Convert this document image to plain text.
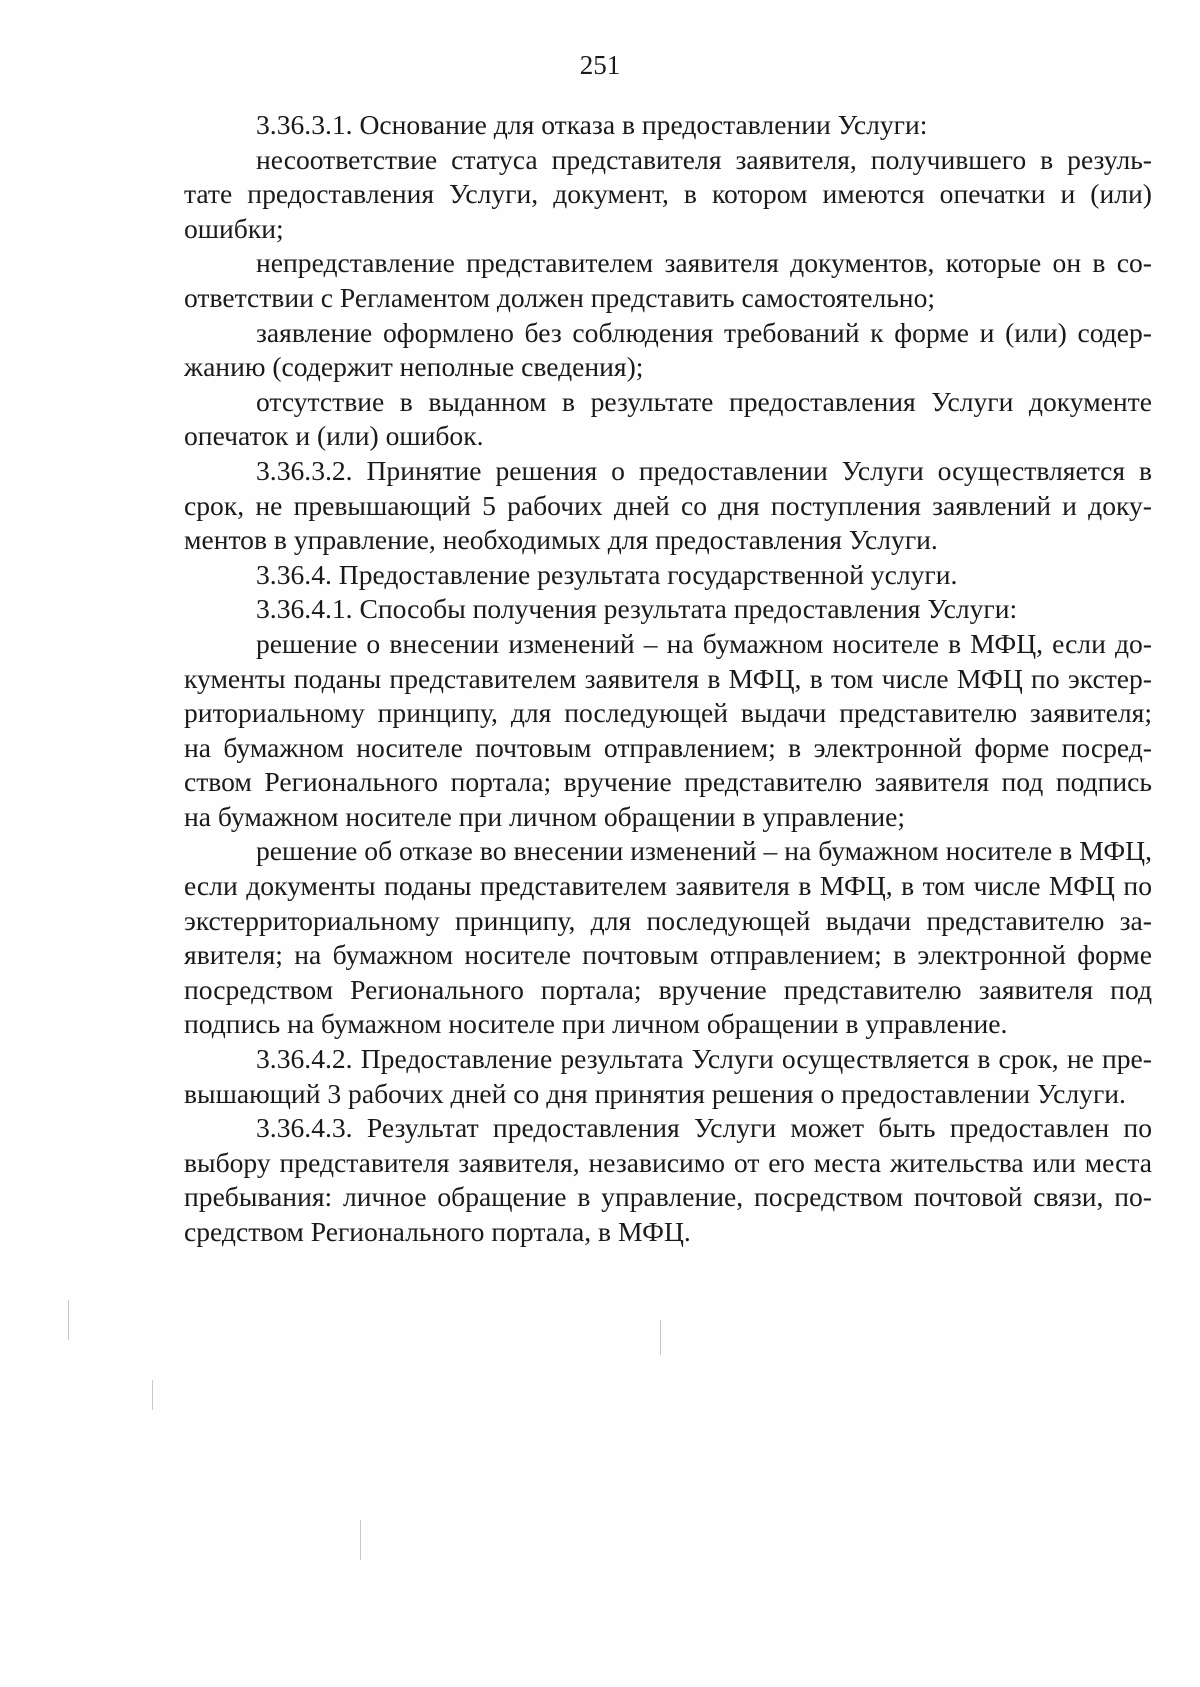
251
3.36.3.1. Основание для отказа в предоставлении Услуги:
несоответствие статуса представителя заявителя, получившего в резуль-
тате предоставления Услуги, документ, в котором имеются опечатки и (или)
ошибки;
непредставление представителем заявителя документов, которые он в со-
ответствии с Регламентом должен представить самостоятельно;
заявление оформлено без соблюдения требований к форме и (или) содер-
жанию (содержит неполные сведения);
отсутствие в выданном в результате предоставления Услуги документе
опечаток и (или) ошибок.
3.36.3.2. Принятие решения о предоставлении Услуги осуществляется в
срок, не превышающий 5 рабочих дней со дня поступления заявлений и доку-
ментов в управление, необходимых для предоставления Услуги.
3.36.4. Предоставление результата государственной услуги.
3.36.4.1. Способы получения результата предоставления Услуги:
решение о внесении изменений – на бумажном носителе в МФЦ, если до-
кументы поданы представителем заявителя в МФЦ, в том числе МФЦ по экстер-
риториальному принципу, для последующей выдачи представителю заявителя;
на бумажном носителе почтовым отправлением; в электронной форме посред-
ством Регионального портала; вручение представителю заявителя под подпись
на бумажном носителе при личном обращении в управление;
решение об отказе во внесении изменений – на бумажном носителе в МФЦ,
если документы поданы представителем заявителя в МФЦ, в том числе МФЦ по
экстерриториальному принципу, для последующей выдачи представителю за-
явителя; на бумажном носителе почтовым отправлением; в электронной форме
посредством Регионального портала; вручение представителю заявителя под
подпись на бумажном носителе при личном обращении в управление.
3.36.4.2. Предоставление результата Услуги осуществляется в срок, не пре-
вышающий 3 рабочих дней со дня принятия решения о предоставлении Услуги.
3.36.4.3. Результат предоставления Услуги может быть предоставлен по
выбору представителя заявителя, независимо от его места жительства или места
пребывания: личное обращение в управление, посредством почтовой связи, по-
средством Регионального портала, в МФЦ.
